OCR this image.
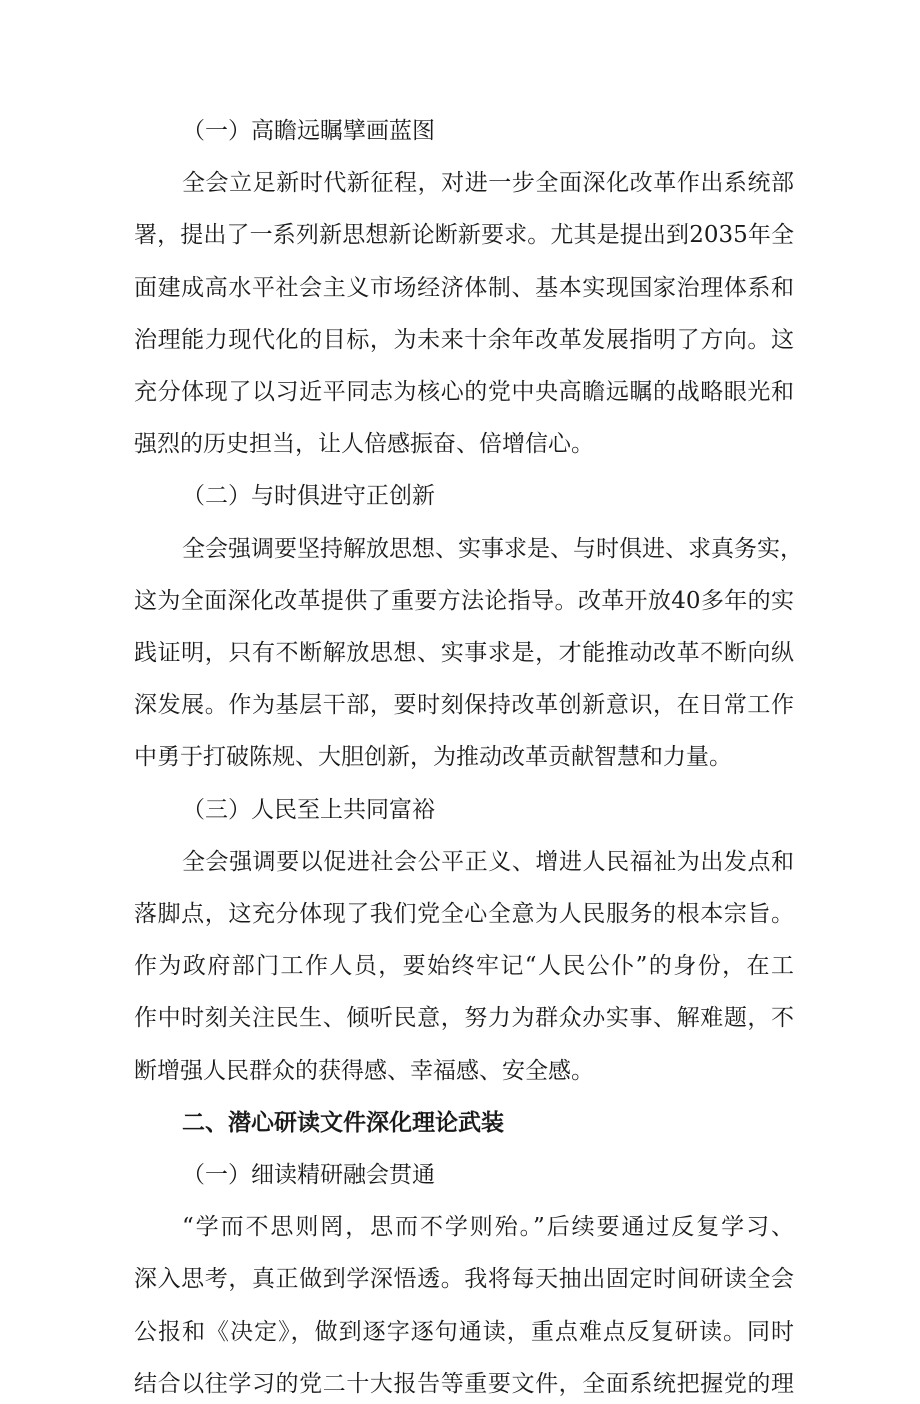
（一）高瞻远瞩擘画蓝图
全会立足新时代新征程，对进一步全面深化改革作出系统部
署，提出了一系列新思想新论断新要求。尤其是提出到2035年全
面建成高水平社会主义市场经济体制、基本实现国家治理体系和
治理能力现代化的目标，为未来十余年改革发展指明了方向。这
充分体现了以习近平同志为核心的党中央高瞻远瞩的战略眼光和
强烈的历史担当，让人倍感振奋、倍增信心。
（二）与时俱进守正创新
全会强调要坚持解放思想、实事求是、与时俱进、求真务实，
这为全面深化改革提供了重要方法论指导。改革开放40多年的实
践证明，只有不断解放思想、实事求是，才能推动改革不断向纵
深发展。作为基层干部，要时刻保持改革创新意识，在日常工作
中勇于打破陈规、大胆创新，为推动改革贡献智慧和力量。
（三）人民至上共同富裕
全会强调要以促进社会公平正义、增进人民福祉为出发点和
落脚点，这充分体现了我们党全心全意为人民服务的根本宗旨。
作为政府部门工作人员，要始终牢记“人民公仆”的身份，在工
作中时刻关注民生、倾听民意，努力为群众办实事、解难题，不
断增强人民群众的获得感、幸福感、安全感。
二、潜心研读文件深化理论武装
（一）细读精研融会贯通
“学而不思则罔，思而不学则殆。”后续要通过反复学习、
深入思考，真正做到学深悟透。我将每天抽出固定时间研读全会
公报和《决定》，做到逐字逐句通读，重点难点反复研读。同时
结合以往学习的党二十大报告等重要文件，全面系统把握党的理
